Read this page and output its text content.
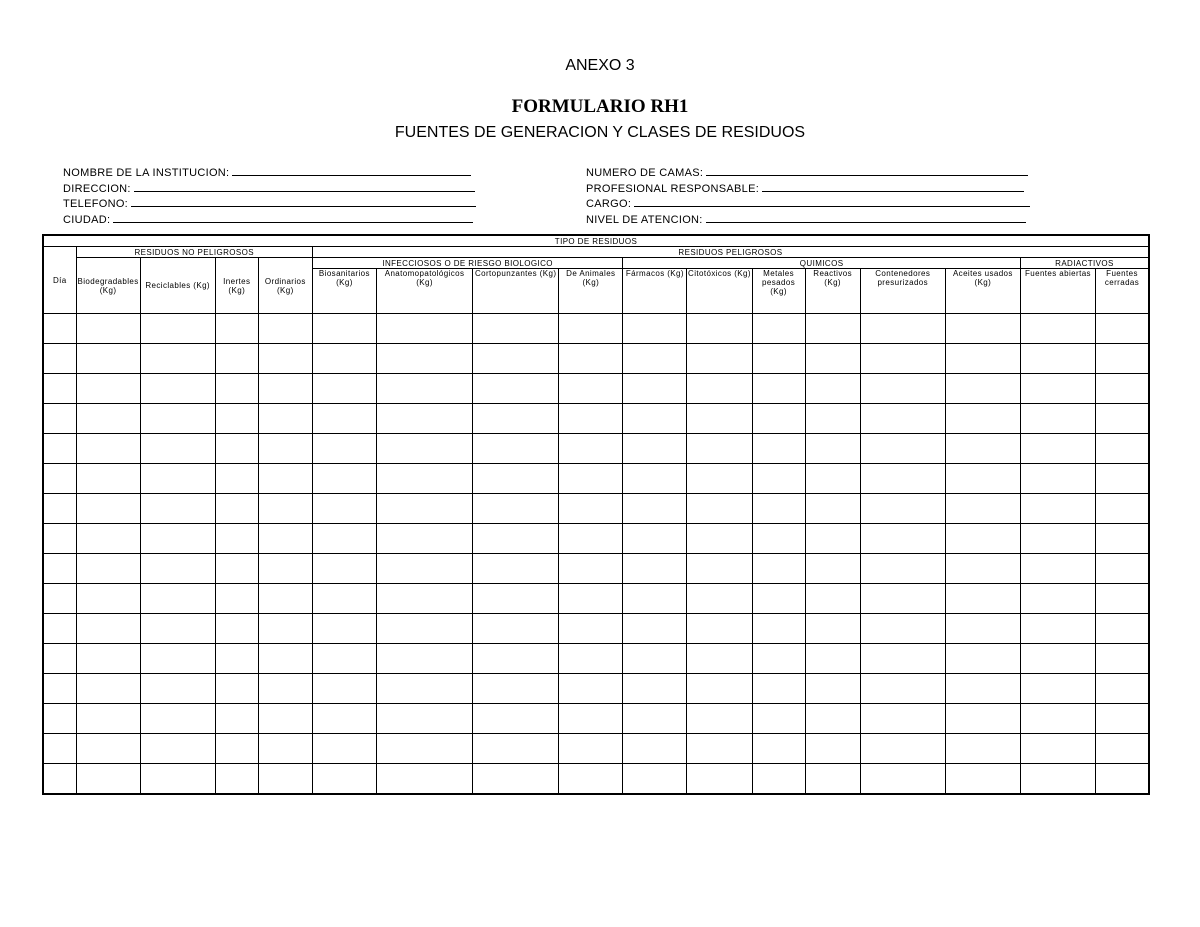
ANEXO 3
FORMULARIO RH1
FUENTES DE GENERACION Y CLASES DE RESIDUOS
NOMBRE DE LA INSTITUCION:
DIRECCION:
TELEFONO:
CIUDAD:
NUMERO DE CAMAS:
PROFESIONAL RESPONSABLE:
CARGO:
NIVEL DE ATENCION:
TIPO DE RESIDUOS																
Día	RESIDUOS NO PELIGROSOS				RESIDUOS PELIGROSOS											
	Biodegradables (Kg)	Reciclables (Kg)	Inertes (Kg)	Ordinarios (Kg)	INFECCIOSOS O DE RIESGO BIOLOGICO				QUIMICOS						RADIACTIVOS	
					Biosanitarios (Kg)	Anatomopatológicos (Kg)	Cortopunzantes (Kg)	De Animales (Kg)	Fármacos (Kg)	Citotóxicos (Kg)	Metales pesados (Kg)	Reactivos (Kg)	Contenedores presurizados	Aceites usados (Kg)	Fuentes abiertas	Fuentes cerradas
